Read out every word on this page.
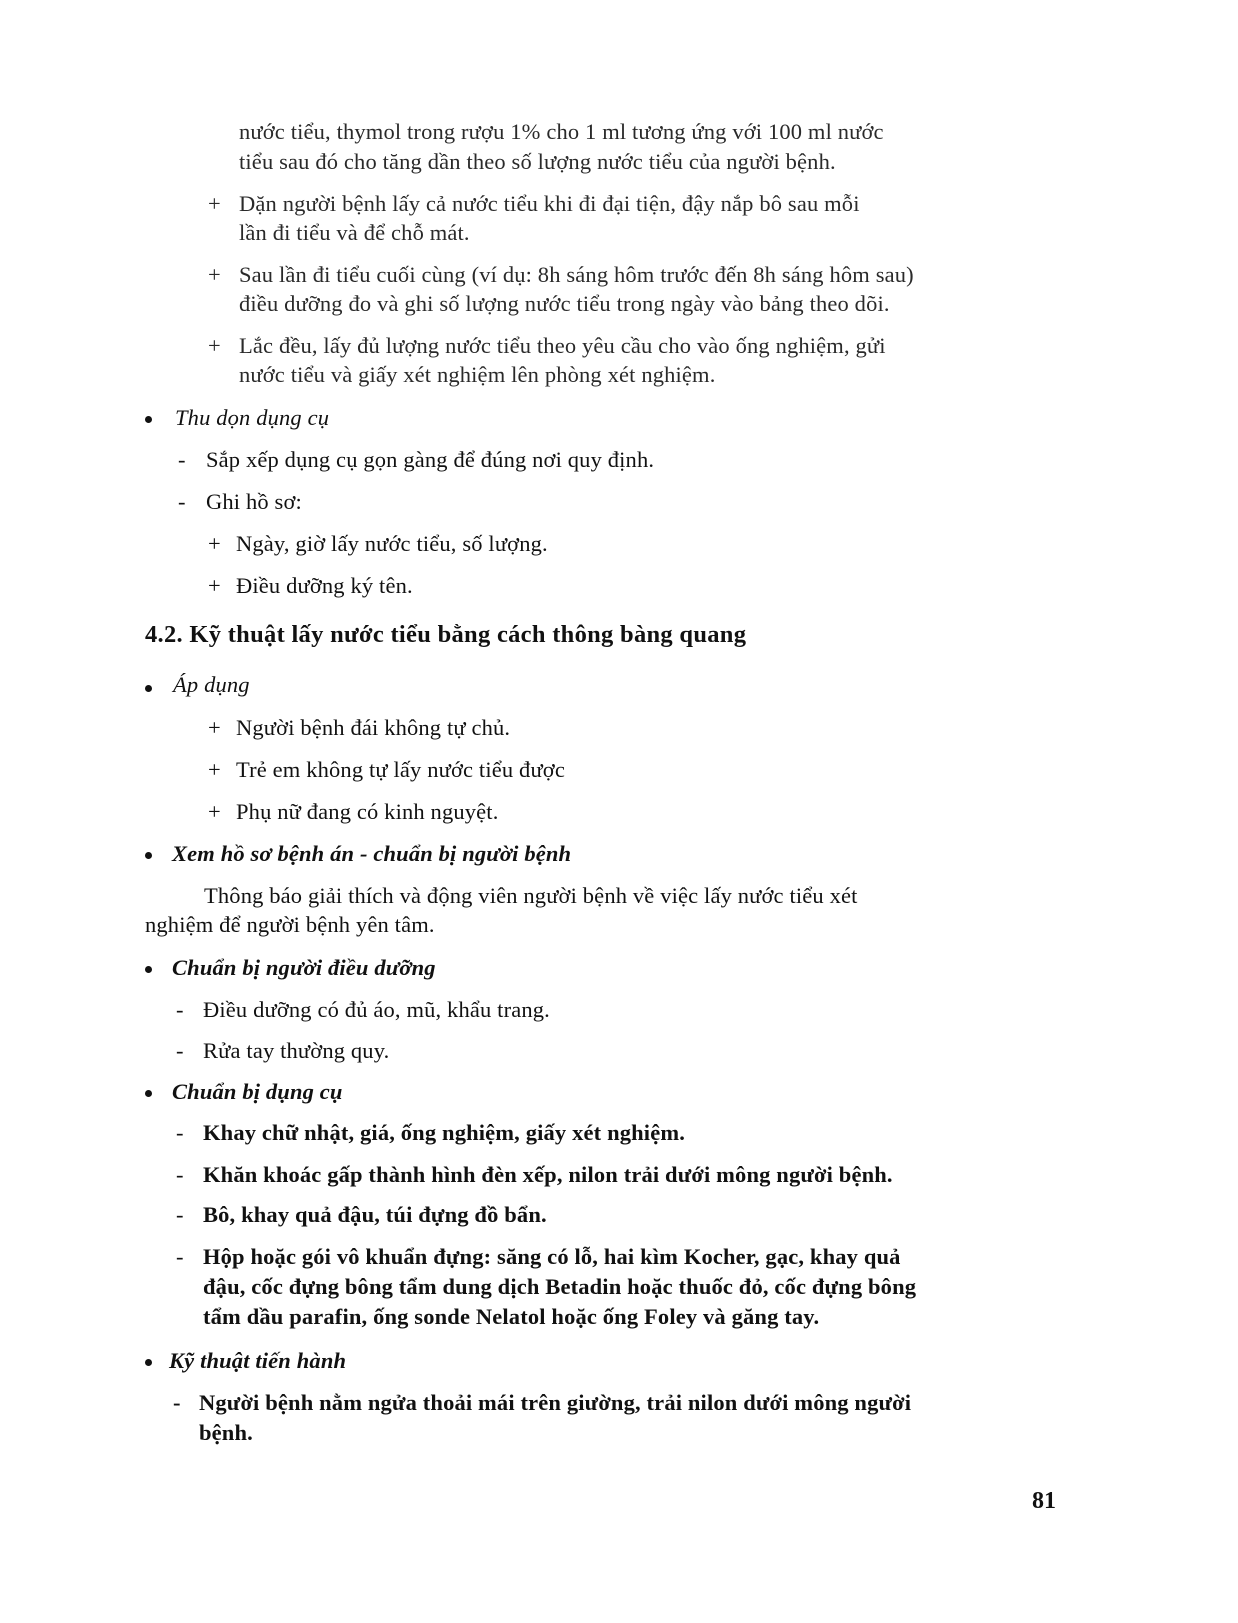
nước tiểu, thymol trong rượu 1% cho 1 ml tương ứng với 100 ml nước
tiểu sau đó cho tăng dần theo số lượng nước tiểu của người bệnh.
+ Dặn người bệnh lấy cả nước tiểu khi đi đại tiện, đậy nắp bô sau mỗi
lần đi tiểu và để chỗ mát.
+ Sau lần đi tiểu cuối cùng (ví dụ: 8h sáng hôm trước đến 8h sáng hôm sau)
điều dưỡng đo và ghi số lượng nước tiểu trong ngày vào bảng theo dõi.
+ Lắc đều, lấy đủ lượng nước tiểu theo yêu cầu cho vào ống nghiệm, gửi
nước tiểu và giấy xét nghiệm lên phòng xét nghiệm.
Thu dọn dụng cụ
- Sắp xếp dụng cụ gọn gàng để đúng nơi quy định.
- Ghi hồ sơ:
+ Ngày, giờ lấy nước tiểu, số lượng.
+ Điều dưỡng ký tên.
4.2. Kỹ thuật lấy nước tiểu bằng cách thông bàng quang
Áp dụng
+ Người bệnh đái không tự chủ.
+ Trẻ em không tự lấy nước tiểu được
+ Phụ nữ đang có kinh nguyệt.
Xem hồ sơ bệnh án - chuẩn bị người bệnh
Thông báo giải thích và động viên người bệnh về việc lấy nước tiểu xét
nghiệm để người bệnh yên tâm.
Chuẩn bị người điều dưỡng
- Điều dưỡng có đủ áo, mũ, khẩu trang.
- Rửa tay thường quy.
Chuẩn bị dụng cụ
- Khay chữ nhật, giá, ống nghiệm, giấy xét nghiệm.
- Khăn khoác gấp thành hình đèn xếp, nilon trải dưới mông người bệnh.
- Bô, khay quả đậu, túi đựng đồ bẩn.
- Hộp hoặc gói vô khuẩn đựng: săng có lỗ, hai kìm Kocher, gạc, khay quả
đậu, cốc đựng bông tẩm dung dịch Betadin hoặc thuốc đỏ, cốc đựng bông
tẩm dầu parafin, ống sonde Nelatol hoặc ống Foley và găng tay.
Kỹ thuật tiến hành
- Người bệnh nằm ngửa thoải mái trên giường, trải nilon dưới mông người
bệnh.
81
